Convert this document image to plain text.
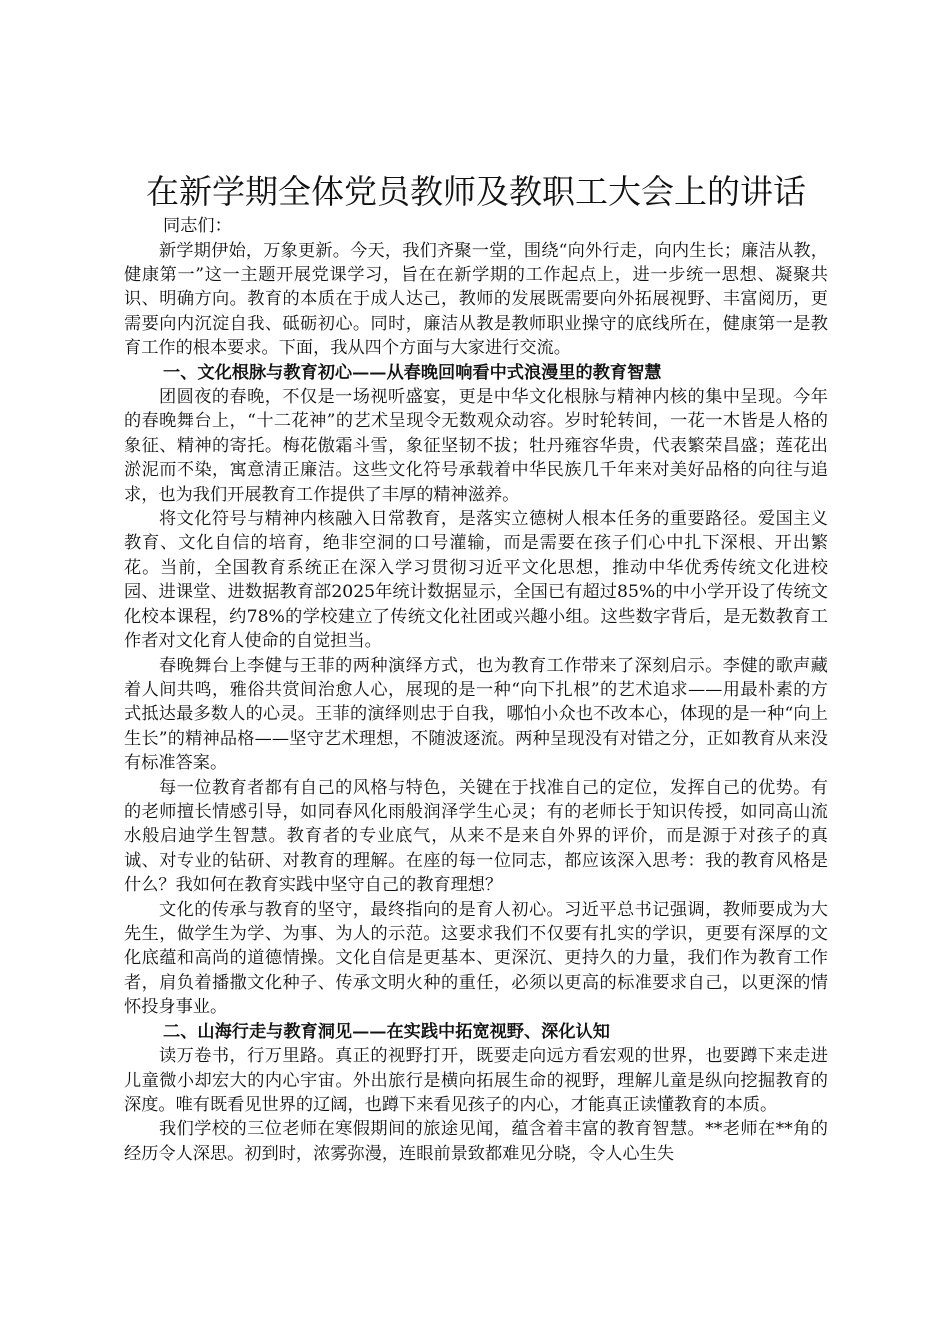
在新学期全体党员教师及教职工大会上的讲话

同志们：

新学期伊始，万象更新。今天，我们齐聚一堂，围绕“向外行走，向内生长；廉洁从教，健康第一”这一主题开展党课学习，旨在在新学期的工作起点上，进一步统一思想、凝聚共识、明确方向。教育的本质在于成人达己，教师的发展既需要向外拓展视野、丰富阅历，更需要向内沉淀自我、砥砺初心。同时，廉洁从教是教师职业操守的底线所在，健康第一是教育工作的根本要求。下面，我从四个方面与大家进行交流。

一、文化根脉与教育初心——从春晚回响看中式浪漫里的教育智慧

团圆夜的春晚，不仅是一场视听盛宴，更是中华文化根脉与精神内核的集中呈现。今年的春晚舞台上，“十二花神”的艺术呈现令无数观众动容。岁时轮转间，一花一木皆是人格的象征、精神的寄托。梅花傲霜斗雪，象征坚韧不拔；牡丹雍容华贵，代表繁荣昌盛；莲花出淤泥而不染，寓意清正廉洁。这些文化符号承载着中华民族几千年来对美好品格的向往与追求，也为我们开展教育工作提供了丰厚的精神滋养。

将文化符号与精神内核融入日常教育，是落实立德树人根本任务的重要路径。爱国主义教育、文化自信的培育，绝非空洞的口号灌输，而是需要在孩子们心中扎下深根、开出繁花。当前，全国教育系统正在深入学习贯彻习近平文化思想，推动中华优秀传统文化进校园、进课堂、进数据教育部2025年统计数据显示，全国已有超过85%的中小学开设了传统文化校本课程，约78%的学校建立了传统文化社团或兴趣小组。这些数字背后，是无数教育工作者对文化育人使命的自觉担当。

春晚舞台上李健与王菲的两种演绎方式，也为教育工作带来了深刻启示。李健的歌声藏着人间共鸣，雅俗共赏间治愈人心，展现的是一种“向下扎根”的艺术追求——用最朴素的方式抵达最多数人的心灵。王菲的演绎则忠于自我，哪怕小众也不改本心，体现的是一种“向上生长”的精神品格——坚守艺术理想，不随波逐流。两种呈现没有对错之分，正如教育从来没有标准答案。

每一位教育者都有自己的风格与特色，关键在于找准自己的定位，发挥自己的优势。有的老师擅长情感引导，如同春风化雨般润泽学生心灵；有的老师长于知识传授，如同高山流水般启迪学生智慧。教育者的专业底气，从来不是来自外界的评价，而是源于对孩子的真诚、对专业的钻研、对教育的理解。在座的每一位同志，都应该深入思考：我的教育风格是什么？我如何在教育实践中坚守自己的教育理想？

文化的传承与教育的坚守，最终指向的是育人初心。习近平总书记强调，教师要成为大先生，做学生为学、为事、为人的示范。这要求我们不仅要有扎实的学识，更要有深厚的文化底蕴和高尚的道德情操。文化自信是更基本、更深沉、更持久的力量，我们作为教育工作者，肩负着播撒文化种子、传承文明火种的重任，必须以更高的标准要求自己，以更深的情怀投身事业。

二、山海行走与教育洞见——在实践中拓宽视野、深化认知

读万卷书，行万里路。真正的视野打开，既要走向远方看宏观的世界，也要蹲下来走进儿童微小却宏大的内心宇宙。外出旅行是横向拓展生命的视野，理解儿童是纵向挖掘教育的深度。唯有既看见世界的辽阔，也蹲下来看见孩子的内心，才能真正读懂教育的本质。

我们学校的三位老师在寒假期间的旅途见闻，蕴含着丰富的教育智慧。**老师在**角的经历令人深思。初到时，浓雾弥漫，连眼前景致都难见分晓，令人心生失
